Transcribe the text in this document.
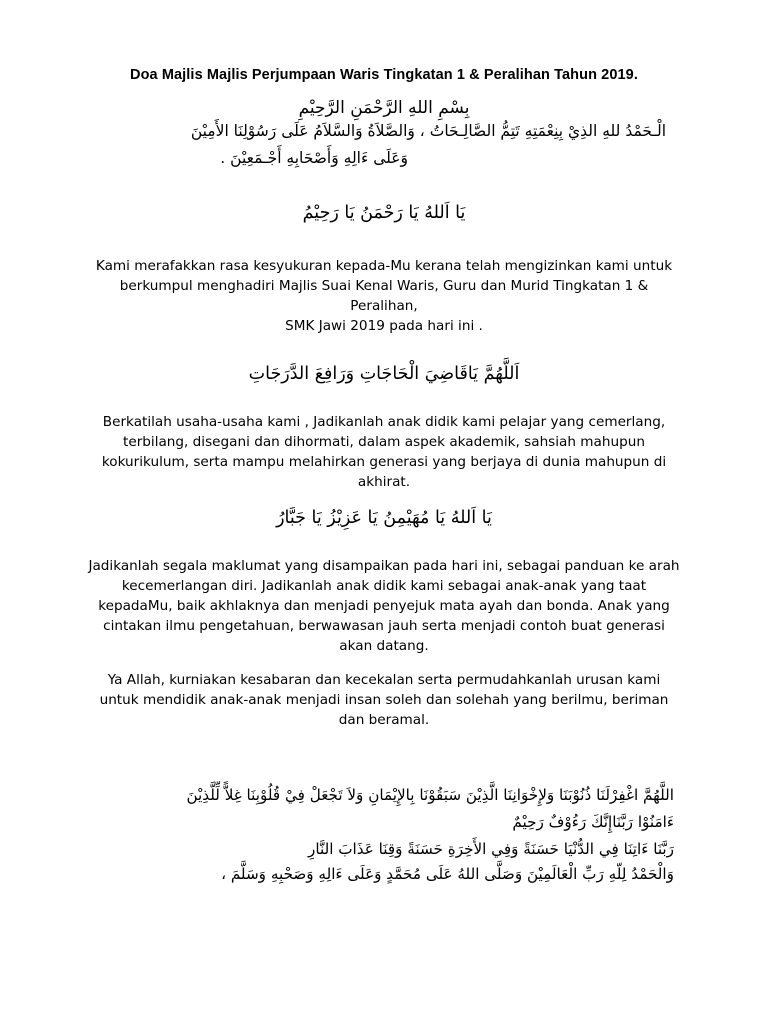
Doa Majlis Majlis Perjumpaan Waris Tingkatan 1 & Peralihan Tahun 2019.
بِسْمِ اللهِ الرَّحْمَنِ الرَّحِيْمِ
الْـحَمْدُ للهِ الذِيْ بِنِعْمَتِهِ تَتِمُّ الصَّالِـحَاتُ ، وَالصَّلاَةُ وَالسَّلاَمُ عَلَى رَسُوْلِنَا الأَمِيْنَ
وَعَلَى ءَالِهِ وَأَصْحَابِهِ أَجْـمَعِيْنَ .
يَا اَللهُ يَا رَحْمَنُ يَا رَحِيْمُ
Kami merafakkan rasa kesyukuran kepada-Mu kerana telah mengizinkan kami untuk
berkumpul menghadiri Majlis Suai Kenal Waris, Guru dan Murid Tingkatan 1 &
Peralihan,
SMK Jawi 2019 pada hari ini .
اَللَّهُمَّ يَاقَاضِيَ الْحَاجَاتِ وَرَافِعَ الدَّرَجَاتِ
Berkatilah usaha-usaha kami , Jadikanlah anak didik kami pelajar yang cemerlang,
terbilang, disegani dan dihormati, dalam aspek akademik, sahsiah mahupun
kokurikulum, serta mampu melahirkan generasi yang berjaya di dunia mahupun di
akhirat.
يَا اَللهُ يَا مُهَيْمِنُ يَا عَزِيْزُ يَا جَبَّارُ
Jadikanlah segala maklumat yang disampaikan pada hari ini, sebagai panduan ke arah
kecemerlangan diri. Jadikanlah anak didik kami sebagai anak-anak yang taat
kepadaMu, baik akhlaknya dan menjadi penyejuk mata ayah dan bonda. Anak yang
cintakan ilmu pengetahuan, berwawasan jauh serta menjadi contoh buat generasi
akan datang.
Ya Allah, kurniakan kesabaran dan kecekalan serta permudahkanlah urusan kami
untuk mendidik anak-anak menjadi insan soleh dan solehah yang berilmu, beriman
dan beramal.
اللَّهُمَّ اغْفِرْلَنَا ذُنُوْبَنَا وَلإِخْوَانِنَا الَّذِيْنَ سَبَقُوْنَا بِالإِيْمَانِ وَلاَ تَجْعَلْ فِيْ قُلُوْبِنَا غِلاًّ لِّلَّذِيْنَ
ءَامَنُوْا رَبَّنَاإِنَّكَ رَءُوْفٌ رَحِيْمٌ
رَبَّنَا ءَاتِنَا فِي الدُّنْيَا حَسَنَةً وَفِي الأَخِرَةِ حَسَنَةً وَقِنَا عَذَابَ النَّارِ
وَالْحَمْدُ لِلّهِ رَبِّ الْعَالَمِيْنَ وَصَلَّى اللهُ عَلَى مُحَمَّدٍ وَعَلَى ءَالِهِ وَصَحْبِهِ وَسَلَّمَ ،
